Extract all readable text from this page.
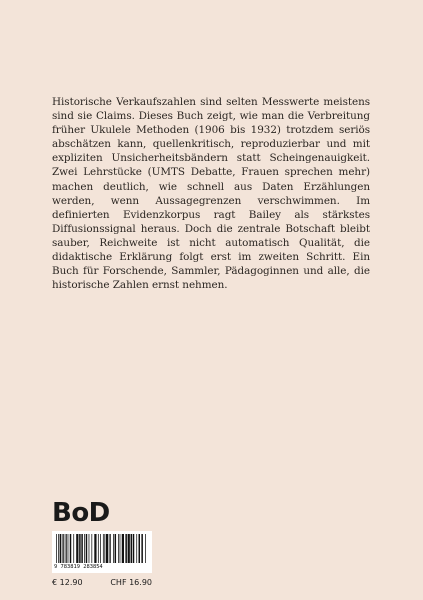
Historische Verkaufszahlen sind selten Messwerte meistens sind sie Claims. Dieses Buch zeigt, wie man die Verbreitung früher Ukulele Methoden (1906 bis 1932) trotzdem seriös abschätzen kann, quellenkritisch, reproduzierbar und mit expliziten Unsicherheitsbändern statt Scheingenauigkeit. Zwei Lehrstücke (UMTS Debatte, Frauen sprechen mehr) machen deutlich, wie schnell aus Daten Erzählungen werden, wenn Aussagegrenzen verschwimmen. Im definierten Evidenzkorpus ragt Bailey als stärkstes Diffusionssignal heraus. Doch die zentrale Botschaft bleibt sauber, Reichweite ist nicht automatisch Qualität, die didaktische Erklärung folgt erst im zweiten Schritt. Ein Buch für Forschende, Sammler, Pädagoginnen und alle, die historische Zahlen ernst nehmen.
BoD
9 783819 283854
€ 12.90	CHF 16.90
